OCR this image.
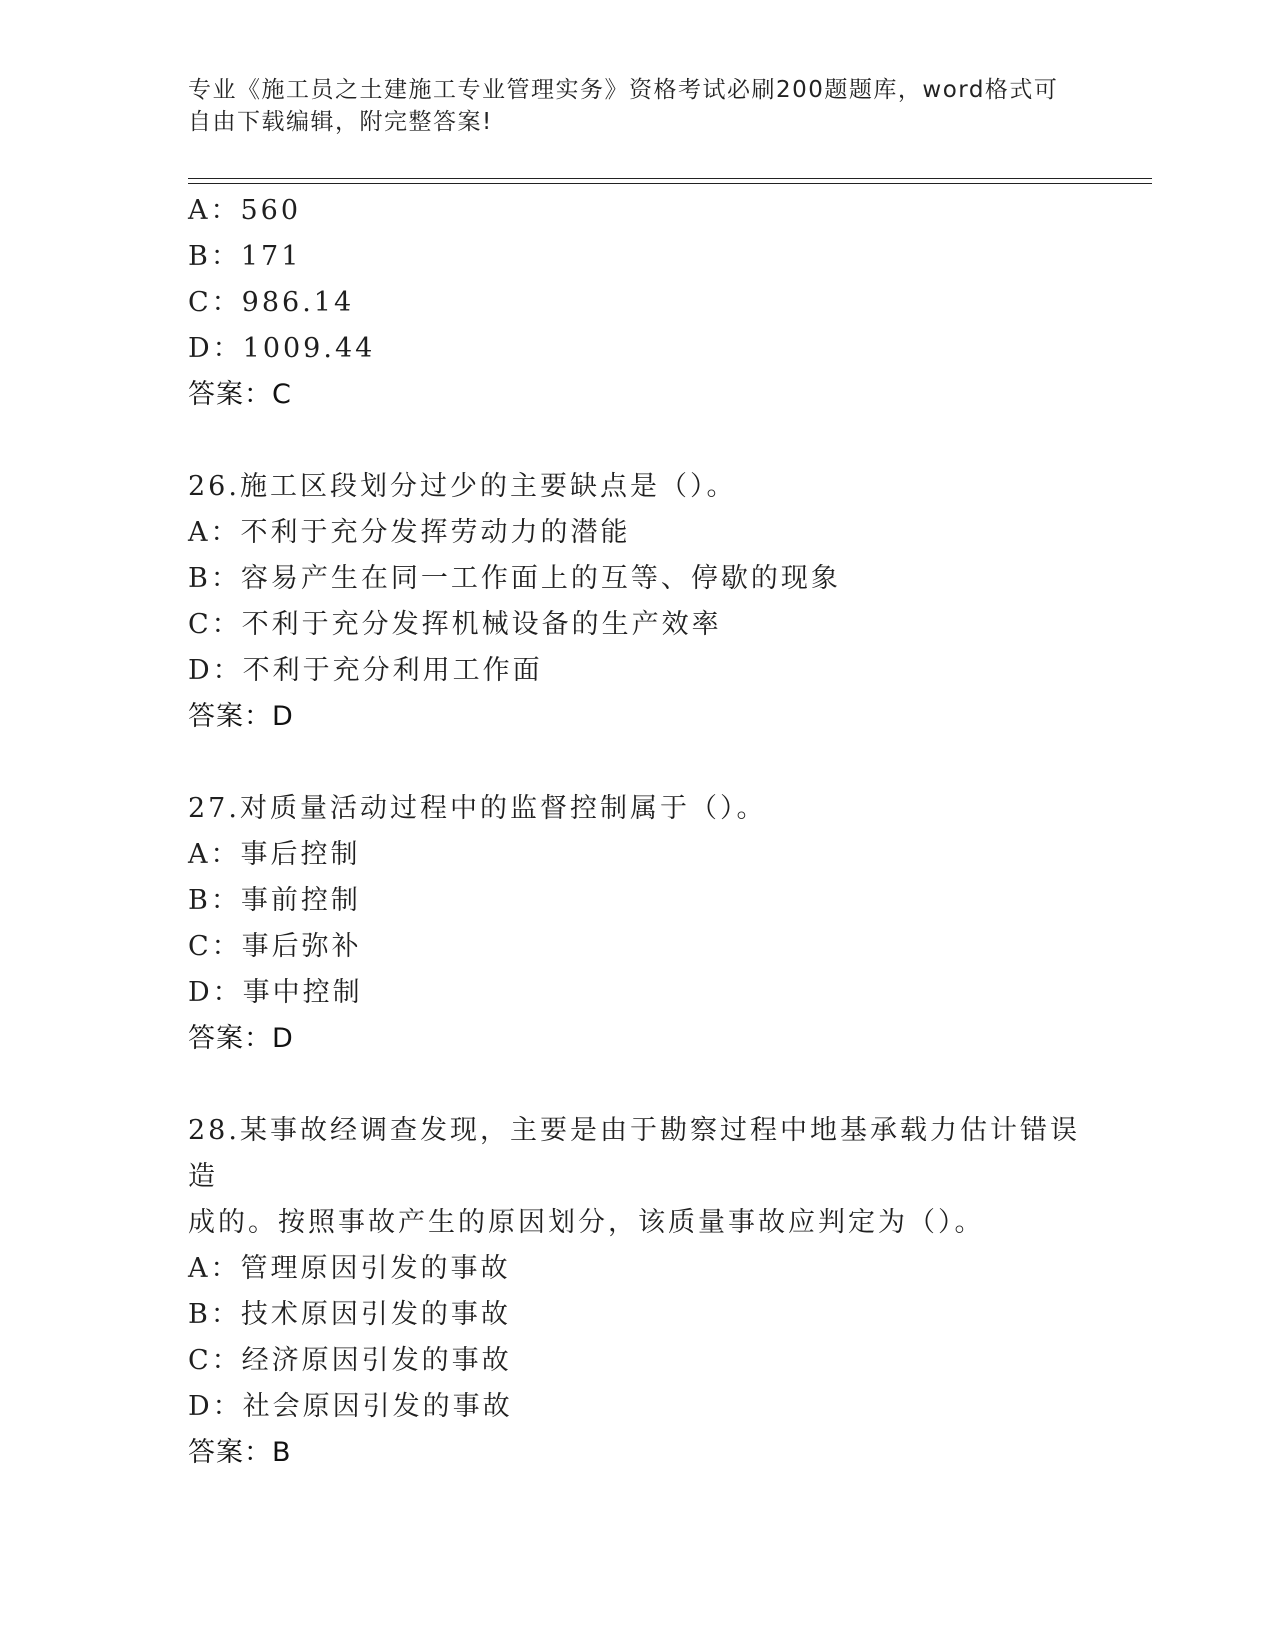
专业《施工员之土建施工专业管理实务》资格考试必刷200题题库，word格式可
自由下载编辑，附完整答案!
A：560
B：171
C：986.14
D：1009.44
答案：C
26.施工区段划分过少的主要缺点是（）。
A：不利于充分发挥劳动力的潜能
B：容易产生在同一工作面上的互等、停歇的现象
C：不利于充分发挥机械设备的生产效率
D：不利于充分利用工作面
答案：D
27.对质量活动过程中的监督控制属于（）。
A：事后控制
B：事前控制
C：事后弥补
D：事中控制
答案：D
28.某事故经调查发现，主要是由于勘察过程中地基承载力估计错误造
成的。按照事故产生的原因划分，该质量事故应判定为（）。
A：管理原因引发的事故
B：技术原因引发的事故
C：经济原因引发的事故
D：社会原因引发的事故
答案：B
